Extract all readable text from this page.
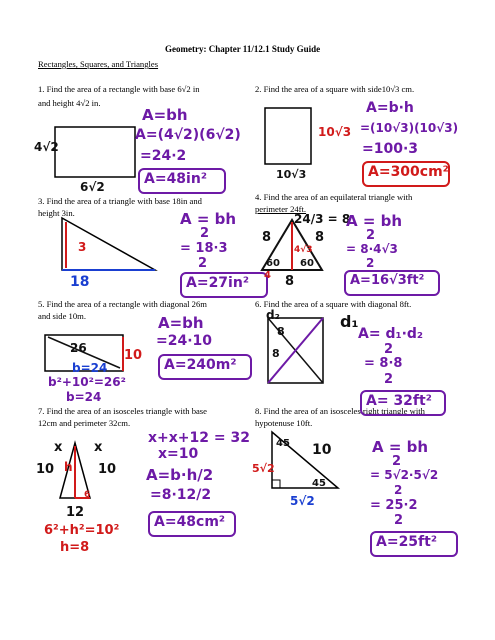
Geometry: Chapter 11/12.1 Study Guide
Rectangles, Squares, and Triangles
1. Find the area of a rectangle with base 6√2 in
and height 4√2 in.
2. Find the area of a square with side10√3 cm.
3. Find the area of a triangle with base 18in and
height 3in.
4. Find the area of an equilateral triangle with
perimeter 24ft.
5. Find the area of a rectangle with diagonal 26m
and side 10m.
6. Find the area of a square with diagonal 8ft.
7. Find the area of an isosceles triangle with base
12cm and perimeter 32cm.
8. Find the area of an isosceles right triangle with
hypotenuse 10ft.
4√2
6√2
A=bh
A=(4√2)(6√2)
=24·2
A=48in²
10√3
10√3
A=b·h
=(10√3)(10√3)
=100·3
A=300cm²
3
18
A = bh
2
= 18·3
2
A=27in²
24/3 = 8
8	8
4√3
60 60
4 8
A = bh
2
= 8·4√3
2
A=16√3ft²
26	10
b=24
b²+10²=26²
b=24
A=bh
=24·10
A=240m²
d₂	d₁
8
8
A= d₁·d₂
2
= 8·8
2
A= 32ft²
x+x+12 = 32
x=10
x x
10	10
h
6
12
6²+h²=10²
h=8
A=b·h/2
=8·12/2
A=48cm²
45 10
5√2
45
5√2
A = bh
2
= 5√2·5√2
2
= 25·2
2
A=25ft²
